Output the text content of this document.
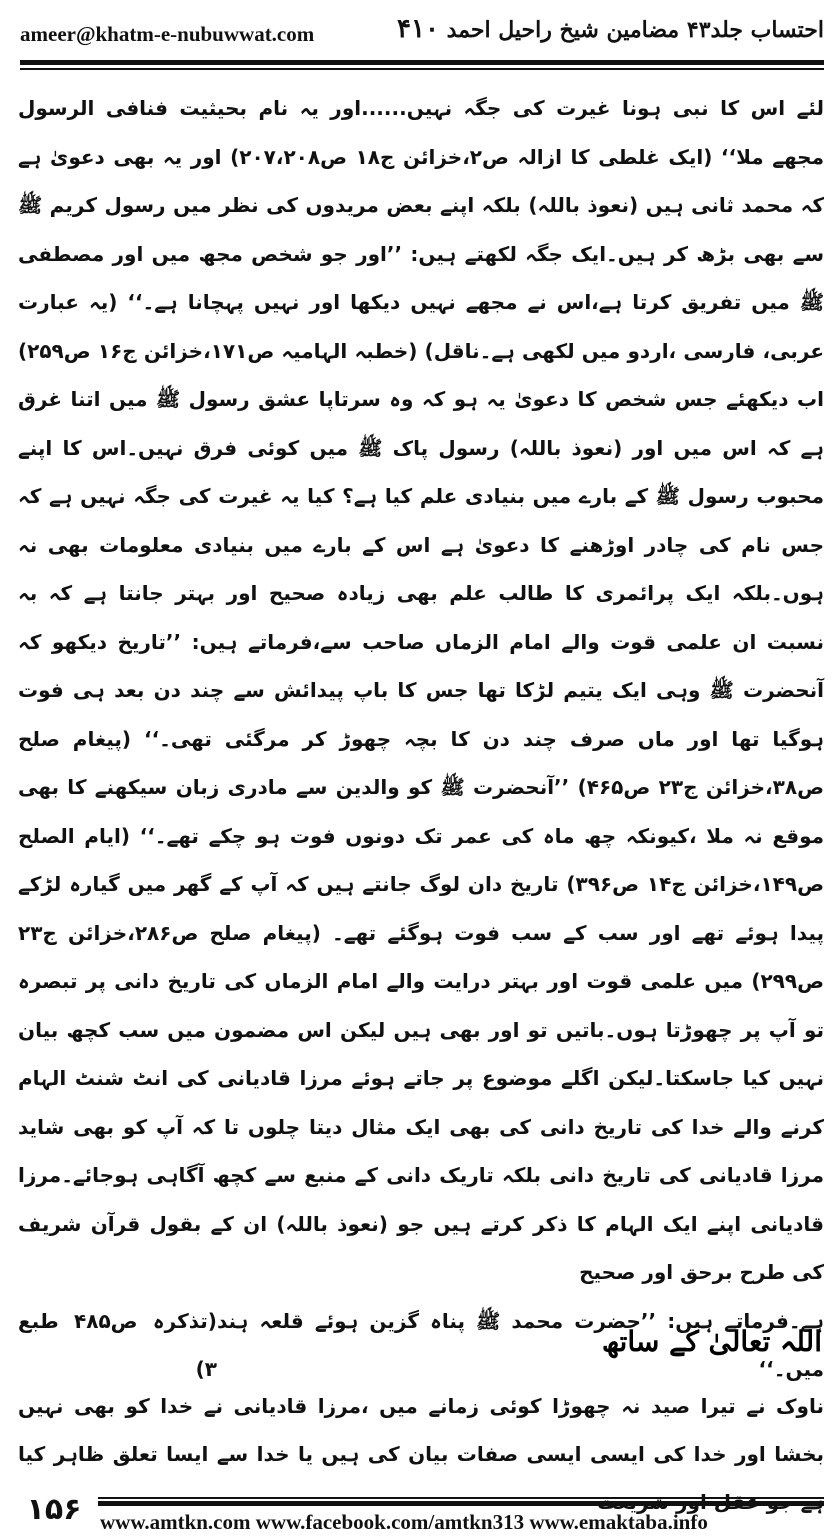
ameer@khatm-e-nubuwwat.com	احتساب جلد۴۳ مضامین شیخ راحیل احمد ۴۱۰

لئے اس کا نبی ہونا غیرت کی جگہ نہیں......اور یہ نام بحیثیت فنافی الرسول مجھے ملا‘‘ (ایک غلطی کا ازالہ ص۲،خزائن ج۱۸ ص۲۰۷،۲۰۸) اور یہ بھی دعویٰ ہے کہ محمد ثانی ہیں (نعوذ باللہ) بلکہ اپنے بعض مریدوں کی نظر میں رسول کریم ﷺ سے بھی بڑھ کر ہیں۔ایک جگہ لکھتے ہیں: ’’اور جو شخص مجھ میں اور مصطفی ﷺ میں تفریق کرتا ہے،اس نے مجھے نہیں دیکھا اور نہیں پہچانا ہے۔‘‘ (یہ عبارت عربی، فارسی ،اردو میں لکھی ہے۔ناقل) (خطبہ الہامیہ ص۱۷۱،خزائن ج۱۶ ص۲۵۹) اب دیکھئے جس شخص کا دعویٰ یہ ہو کہ وہ سرتاپا عشق رسول ﷺ میں اتنا غرق ہے کہ اس میں اور (نعوذ باللہ) رسول پاک ﷺ میں کوئی فرق نہیں۔اس کا اپنے محبوب رسول ﷺ کے بارے میں بنیادی علم کیا ہے؟ کیا یہ غیرت کی جگہ نہیں ہے کہ جس نام کی چادر اوڑھنے کا دعویٰ ہے اس کے بارے میں بنیادی معلومات بھی نہ ہوں۔بلکہ ایک پرائمری کا طالب علم بھی زیادہ صحیح اور بہتر جانتا ہے کہ بہ نسبت ان علمی قوت والے امام الزماں صاحب سے،فرماتے ہیں: ’’تاریخ دیکھو کہ آنحضرت ﷺ وہی ایک یتیم لڑکا تھا جس کا باپ پیدائش سے چند دن بعد ہی فوت ہوگیا تھا اور ماں صرف چند دن کا بچہ چھوڑ کر مرگئی تھی۔‘‘ (پیغام صلح ص۳۸،خزائن ج۲۳ ص۴۶۵) ’’آنحضرت ﷺ کو والدین سے مادری زبان سیکھنے کا بھی موقع نہ ملا ،کیونکہ چھ ماہ کی عمر تک دونوں فوت ہو چکے تھے۔‘‘ (ایام الصلح ص۱۴۹،خزائن ج۱۴ ص۳۹۶) تاریخ دان لوگ جانتے ہیں کہ آپ کے گھر میں گیارہ لڑکے پیدا ہوئے تھے اور سب کے سب فوت ہوگئے تھے۔ (پیغام صلح ص۲۸۶،خزائن ج۲۳ ص۲۹۹) میں علمی قوت اور بہتر درایت والے امام الزماں کی تاریخ دانی پر تبصرہ تو آپ پر چھوڑتا ہوں۔باتیں تو اور بھی ہیں لیکن اس مضمون میں سب کچھ بیان نہیں کیا جاسکتا۔لیکن اگلے موضوع پر جاتے ہوئے مرزا قادیانی کی انٹ شنٹ الہام کرنے والے خدا کی تاریخ دانی کی بھی ایک مثال دیتا چلوں تا کہ آپ کو بھی شاید مرزا قادیانی کی تاریخ دانی بلکہ تاریک دانی کے منبع سے کچھ آگاہی ہوجائے۔مرزا قادیانی اپنے ایک الہام کا ذکر کرتے ہیں جو (نعوذ باللہ) ان کے بقول قرآن شریف کی طرح برحق اور صحیح

ہے۔فرماتے ہیں: ’’حضرت محمد ﷺ پناہ گزین ہوئے قلعہ ہند میں۔‘‘
(تذکرہ ص۴۸۵ طبع ۳)
اللہ تعالیٰ کے ساتھ

ناوک نے تیرا صید نہ چھوڑا کوئی زمانے میں ،مرزا قادیانی نے خدا کو بھی نہیں بخشا اور خدا کی ایسی ایسی صفات بیان کی ہیں یا خدا سے ایسا تعلق ظاہر کیا

۱۵۶ www.amtkn.com www.facebook.com/amtkn313 www.emaktaba.info
